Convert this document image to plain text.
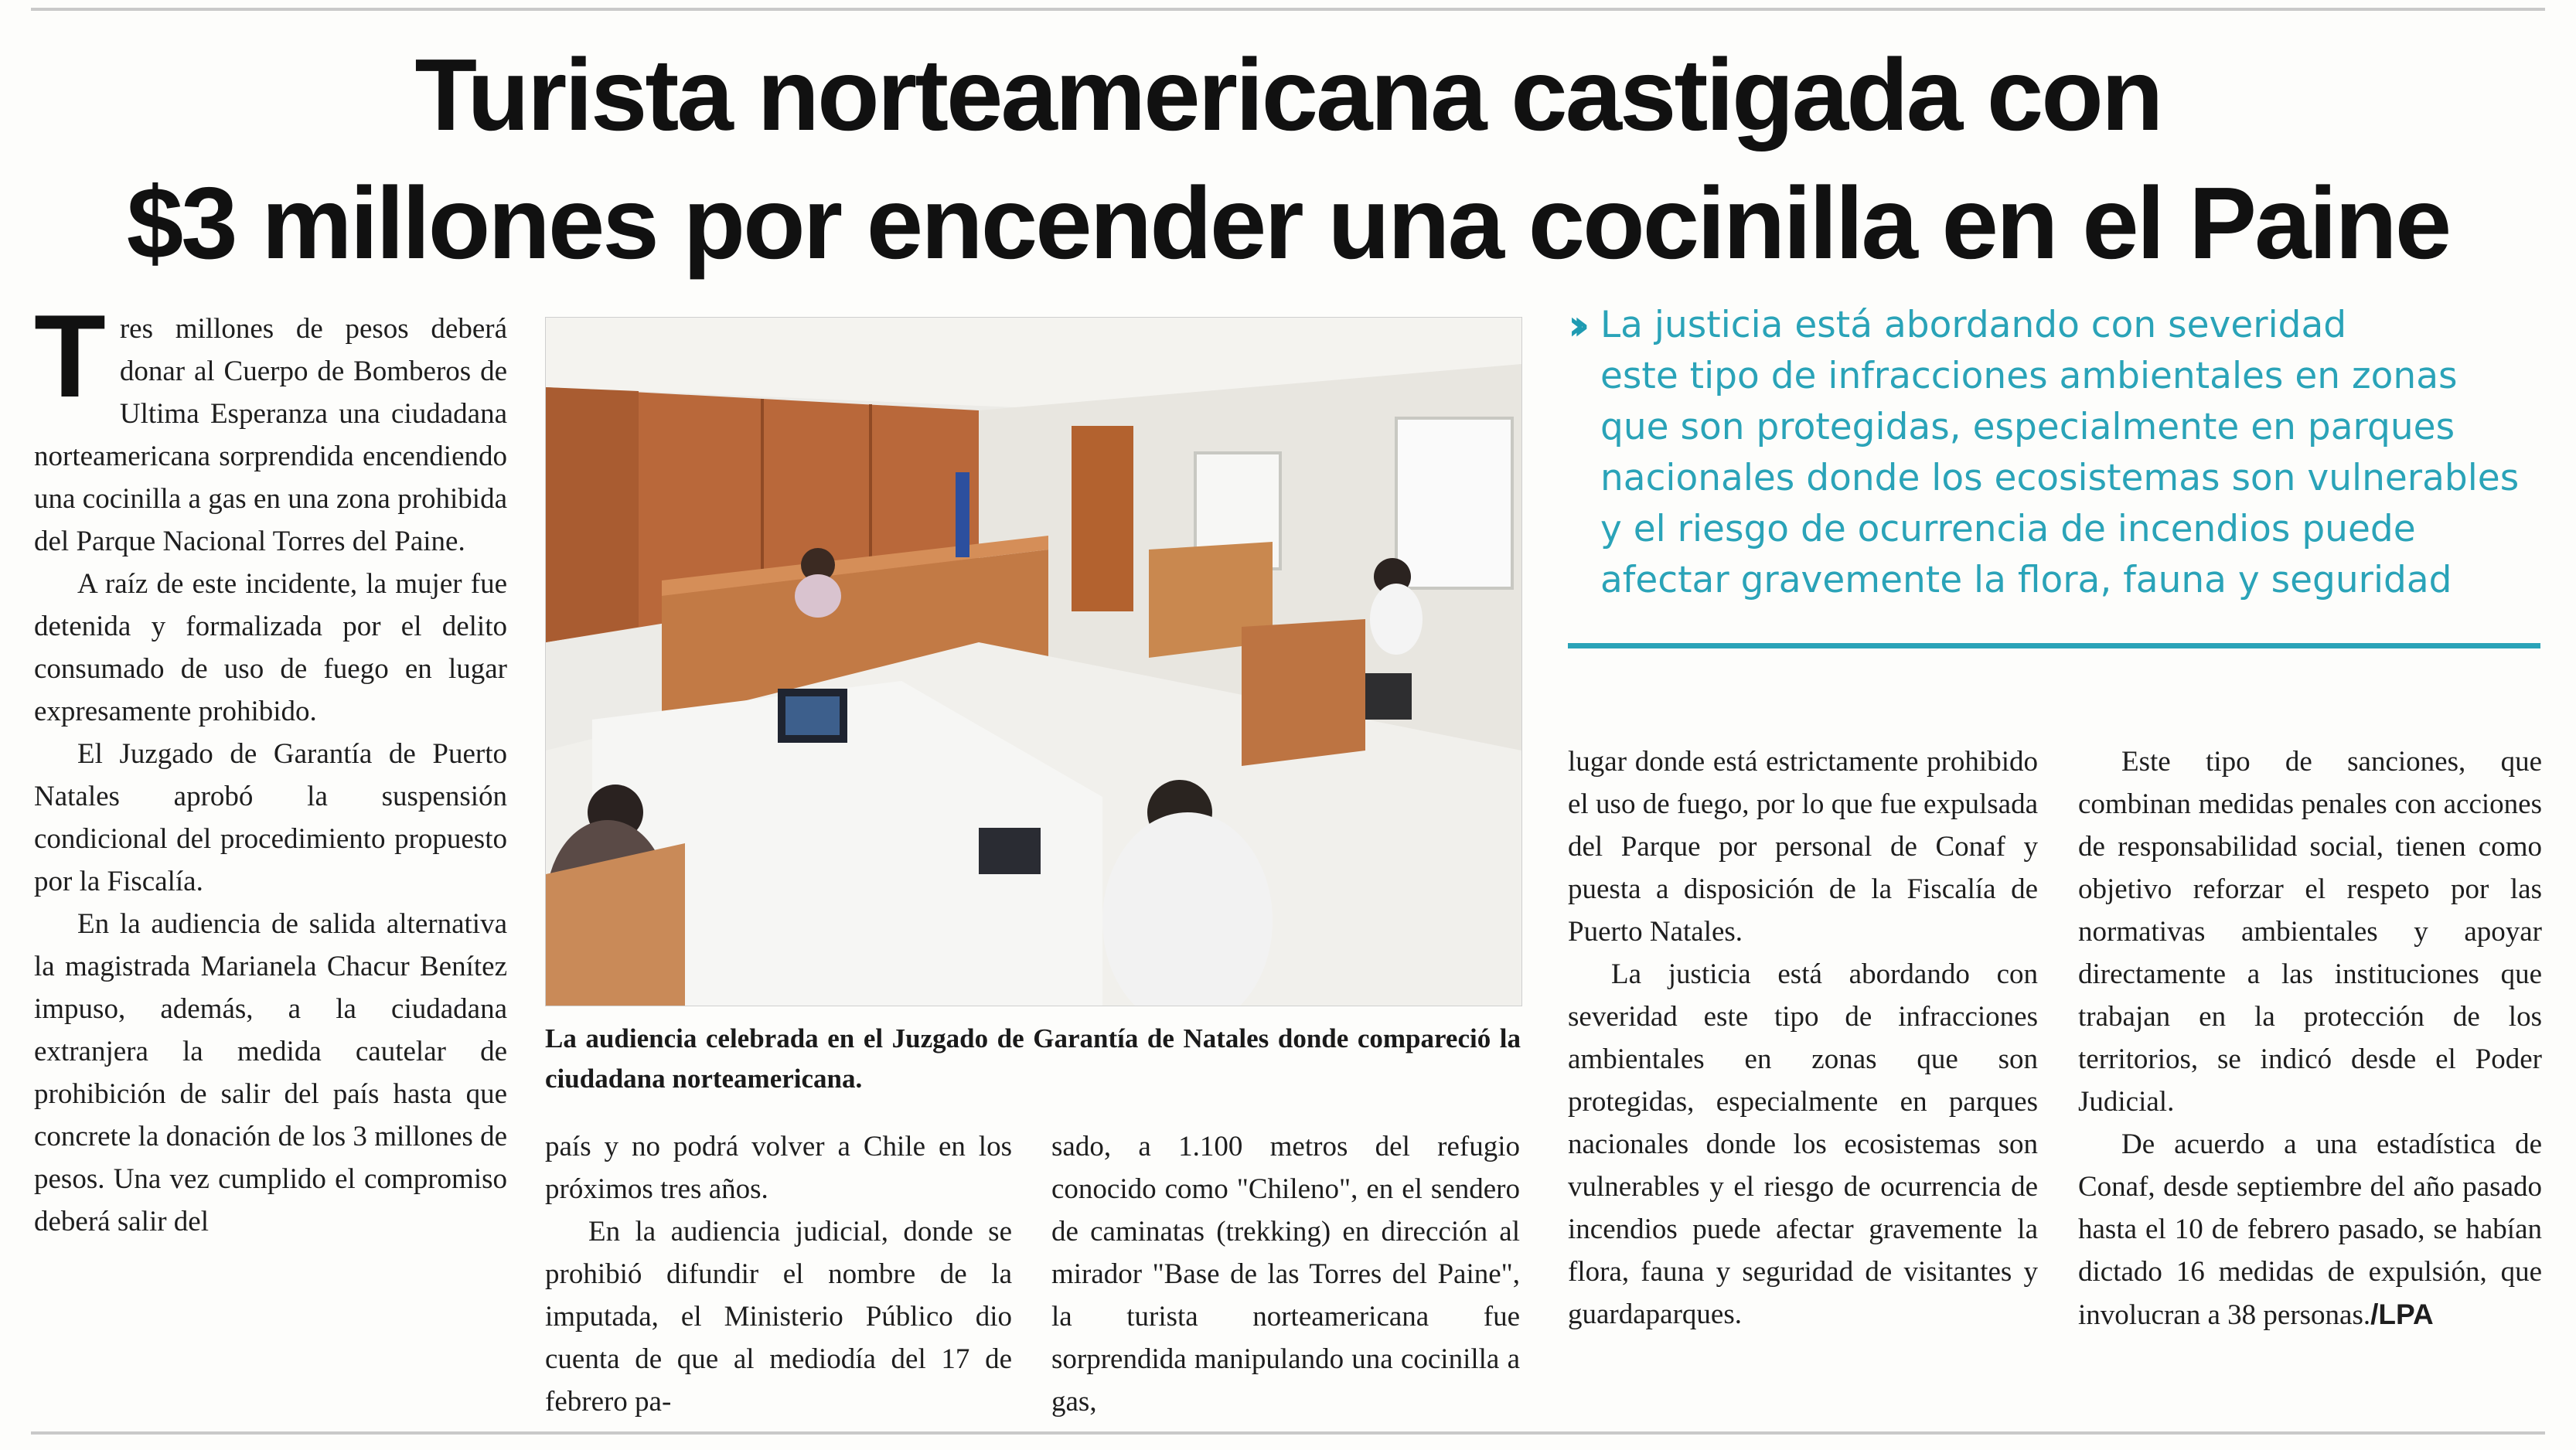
Turista norteamericana castigada con
$3 millones por encender una cocinilla en el Paine

Tres millones de pesos deberá donar al Cuerpo de Bomberos de Ultima Esperanza una ciudadana norteamericana sorprendida encendiendo una cocinilla a gas en una zona prohibida del Parque Nacional Torres del Paine.

A raíz de este incidente, la mujer fue detenida y formalizada por el delito consumado de uso de fuego en lugar expresamente prohibido.

El Juzgado de Garantía de Puerto Natales aprobó la suspensión condicional del procedimiento propuesto por la Fiscalía.

En la audiencia de salida alternativa la magistrada Marianela Chacur Benítez impuso, además, a la ciudadana extranjera la medida cautelar de prohibición de salir del país hasta que concrete la donación de los 3 millones de pesos. Una vez cumplido el compromiso deberá salir del

La audiencia celebrada en el Juzgado de Garantía de Natales donde compareció la ciudadana norteamericana.

país y no podrá volver a Chile en los próximos tres años.

En la audiencia judicial, donde se prohibió difundir el nombre de la imputada, el Ministerio Público dio cuenta de que al mediodía del 17 de febrero pa-

sado, a 1.100 metros del refugio conocido como "Chileno", en el sendero de caminatas (trekking) en dirección al mirador "Base de las Torres del Paine", la turista norteamericana fue sorprendida manipulando una cocinilla a gas,

›› La justicia está abordando con severidad
este tipo de infracciones ambientales en zonas
que son protegidas, especialmente en parques
nacionales donde los ecosistemas son vulnerables
y el riesgo de ocurrencia de incendios puede
afectar gravemente la flora, fauna y seguridad

lugar donde está estrictamente prohibido el uso de fuego, por lo que fue expulsada del Parque por personal de Conaf y puesta a disposición de la Fiscalía de Puerto Natales.

La justicia está abordando con severidad este tipo de infracciones ambientales en zonas que son protegidas, especialmente en parques nacionales donde los ecosistemas son vulnerables y el riesgo de ocurrencia de incendios puede afectar gravemente la flora, fauna y seguridad de visitantes y guardaparques.

Este tipo de sanciones, que combinan medidas penales con acciones de responsabilidad social, tienen como objetivo reforzar el respeto por las normativas ambientales y apoyar directamente a las instituciones que trabajan en la protección de los territorios, se indicó desde el Poder Judicial.

De acuerdo a una estadística de Conaf, desde septiembre del año pasado hasta el 10 de febrero pasado, se habían dictado 16 medidas de expulsión, que involucran a 38 personas./LPA
